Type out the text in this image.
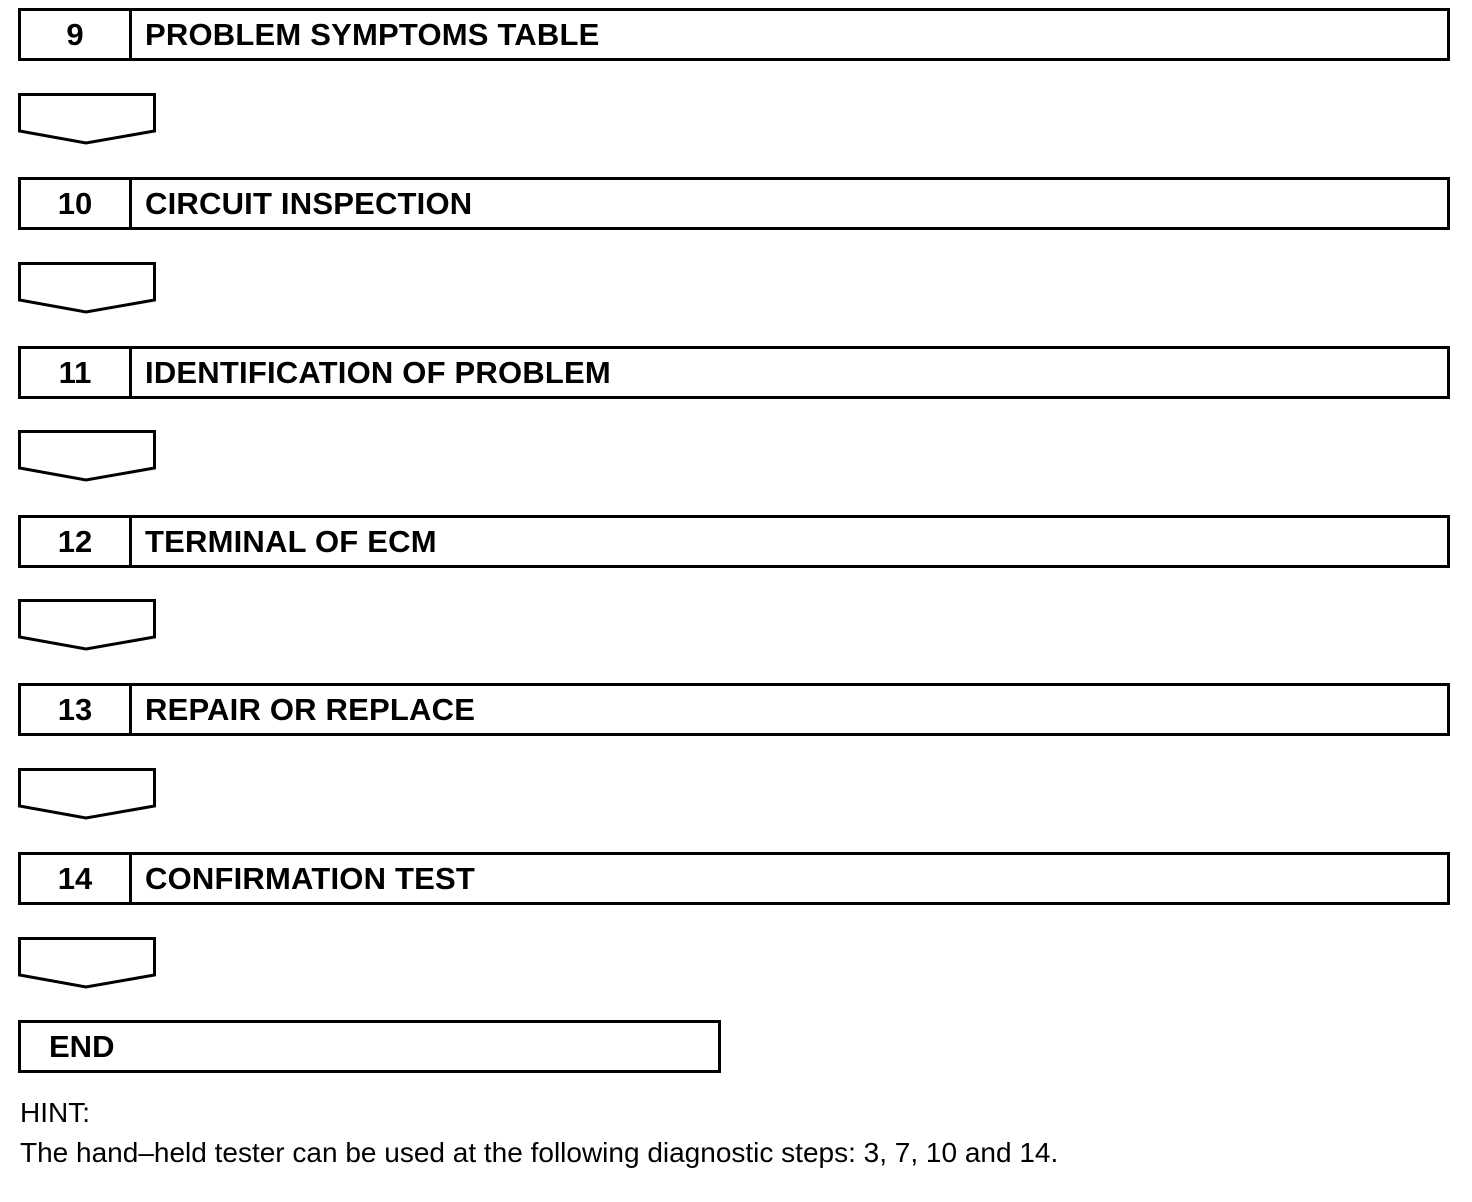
9	PROBLEM SYMPTOMS TABLE
10	CIRCUIT INSPECTION
11	IDENTIFICATION OF PROBLEM
12	TERMINAL OF ECM
13	REPAIR OR REPLACE
14	CONFIRMATION TEST
END
HINT:
The hand–held tester can be used at the following diagnostic steps: 3, 7, 10 and 14.
